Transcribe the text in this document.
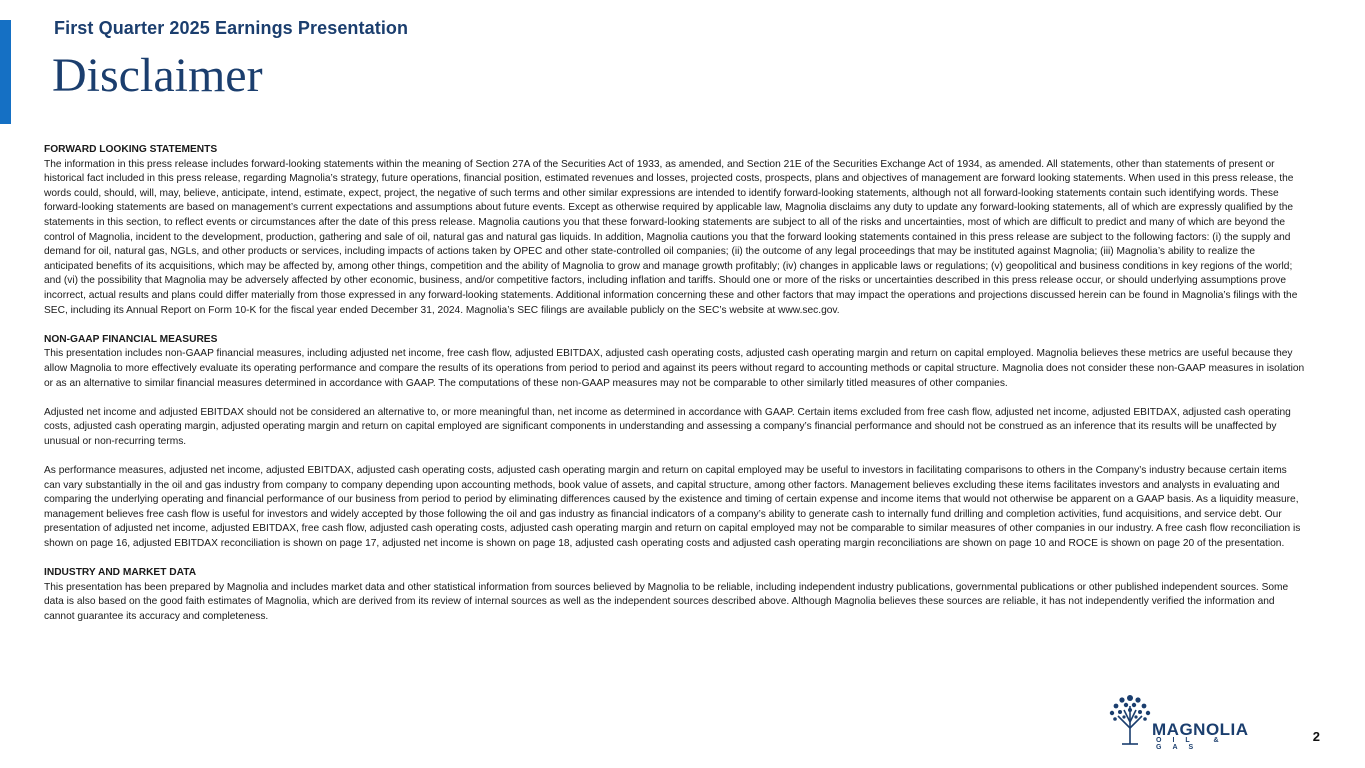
First Quarter 2025 Earnings Presentation
Disclaimer

FORWARD LOOKING STATEMENTS

The information in this press release includes forward-looking statements within the meaning of Section 27A of the Securities Act of 1933, as amended, and Section 21E of the Securities Exchange Act of 1934, as amended. All statements, other than statements of present or historical fact included in this press release, regarding Magnolia’s strategy, future operations, financial position, estimated revenues and losses, projected costs, prospects, plans and objectives of management are forward looking statements. When used in this press release, the words could, should, will, may, believe, anticipate, intend, estimate, expect, project, the negative of such terms and other similar expressions are intended to identify forward-looking statements, although not all forward-looking statements contain such identifying words. These forward-looking statements are based on management’s current expectations and assumptions about future events. Except as otherwise required by applicable law, Magnolia disclaims any duty to update any forward-looking statements, all of which are expressly qualified by the statements in this section, to reflect events or circumstances after the date of this press release. Magnolia cautions you that these forward-looking statements are subject to all of the risks and uncertainties, most of which are difficult to predict and many of which are beyond the control of Magnolia, incident to the development, production, gathering and sale of oil, natural gas and natural gas liquids. In addition, Magnolia cautions you that the forward looking statements contained in this press release are subject to the following factors: (i) the supply and demand for oil, natural gas, NGLs, and other products or services, including impacts of actions taken by OPEC and other state-controlled oil companies; (ii) the outcome of any legal proceedings that may be instituted against Magnolia; (iii) Magnolia’s ability to realize the anticipated benefits of its acquisitions, which may be affected by, among other things, competition and the ability of Magnolia to grow and manage growth profitably; (iv) changes in applicable laws or regulations; (v) geopolitical and business conditions in key regions of the world; and (vi) the possibility that Magnolia may be adversely affected by other economic, business, and/or competitive factors, including inflation and tariffs. Should one or more of the risks or uncertainties described in this press release occur, or should underlying assumptions prove incorrect, actual results and plans could differ materially from those expressed in any forward-looking statements. Additional information concerning these and other factors that may impact the operations and projections discussed herein can be found in Magnolia’s filings with the SEC, including its Annual Report on Form 10-K for the fiscal year ended December 31, 2024. Magnolia’s SEC filings are available publicly on the SEC’s website at www.sec.gov.

NON-GAAP FINANCIAL MEASURES

This presentation includes non-GAAP financial measures, including adjusted net income, free cash flow, adjusted EBITDAX, adjusted cash operating costs, adjusted cash operating margin and return on capital employed. Magnolia believes these metrics are useful because they allow Magnolia to more effectively evaluate its operating performance and compare the results of its operations from period to period and against its peers without regard to accounting methods or capital structure. Magnolia does not consider these non-GAAP measures in isolation or as an alternative to similar financial measures determined in accordance with GAAP. The computations of these non-GAAP measures may not be comparable to other similarly titled measures of other companies.

Adjusted net income and adjusted EBITDAX should not be considered an alternative to, or more meaningful than, net income as determined in accordance with GAAP. Certain items excluded from free cash flow, adjusted net income, adjusted EBITDAX, adjusted cash operating costs, adjusted cash operating margin, adjusted operating margin and return on capital employed are significant components in understanding and assessing a company’s financial performance and should not be construed as an inference that its results will be unaffected by unusual or non-recurring terms.

As performance measures, adjusted net income, adjusted EBITDAX, adjusted cash operating costs, adjusted cash operating margin and return on capital employed may be useful to investors in facilitating comparisons to others in the Company’s industry because certain items can vary substantially in the oil and gas industry from company to company depending upon accounting methods, book value of assets, and capital structure, among other factors. Management believes excluding these items facilitates investors and analysts in evaluating and comparing the underlying operating and financial performance of our business from period to period by eliminating differences caused by the existence and timing of certain expense and income items that would not otherwise be apparent on a GAAP basis. As a liquidity measure, management believes free cash flow is useful for investors and widely accepted by those following the oil and gas industry as financial indicators of a company’s ability to generate cash to internally fund drilling and completion activities, fund acquisitions, and service debt. Our presentation of adjusted net income, adjusted EBITDAX, free cash flow, adjusted cash operating costs, adjusted cash operating margin and return on capital employed may not be comparable to similar measures of other companies in our industry. A free cash flow reconciliation is shown on page 16, adjusted EBITDAX reconciliation is shown on page 17, adjusted net income is shown on page 18, adjusted cash operating costs and adjusted cash operating margin reconciliations are shown on page 10 and ROCE is shown on page 20 of the presentation.

INDUSTRY AND MARKET DATA

This presentation has been prepared by Magnolia and includes market data and other statistical information from sources believed by Magnolia to be reliable, including independent industry publications, governmental publications or other published independent sources. Some data is also based on the good faith estimates of Magnolia, which are derived from its review of internal sources as well as the independent sources described above. Although Magnolia believes these sources are reliable, it has not independently verified the information and cannot guarantee its accuracy and completeness.

MAGNOLIA
OIL & GAS
2
